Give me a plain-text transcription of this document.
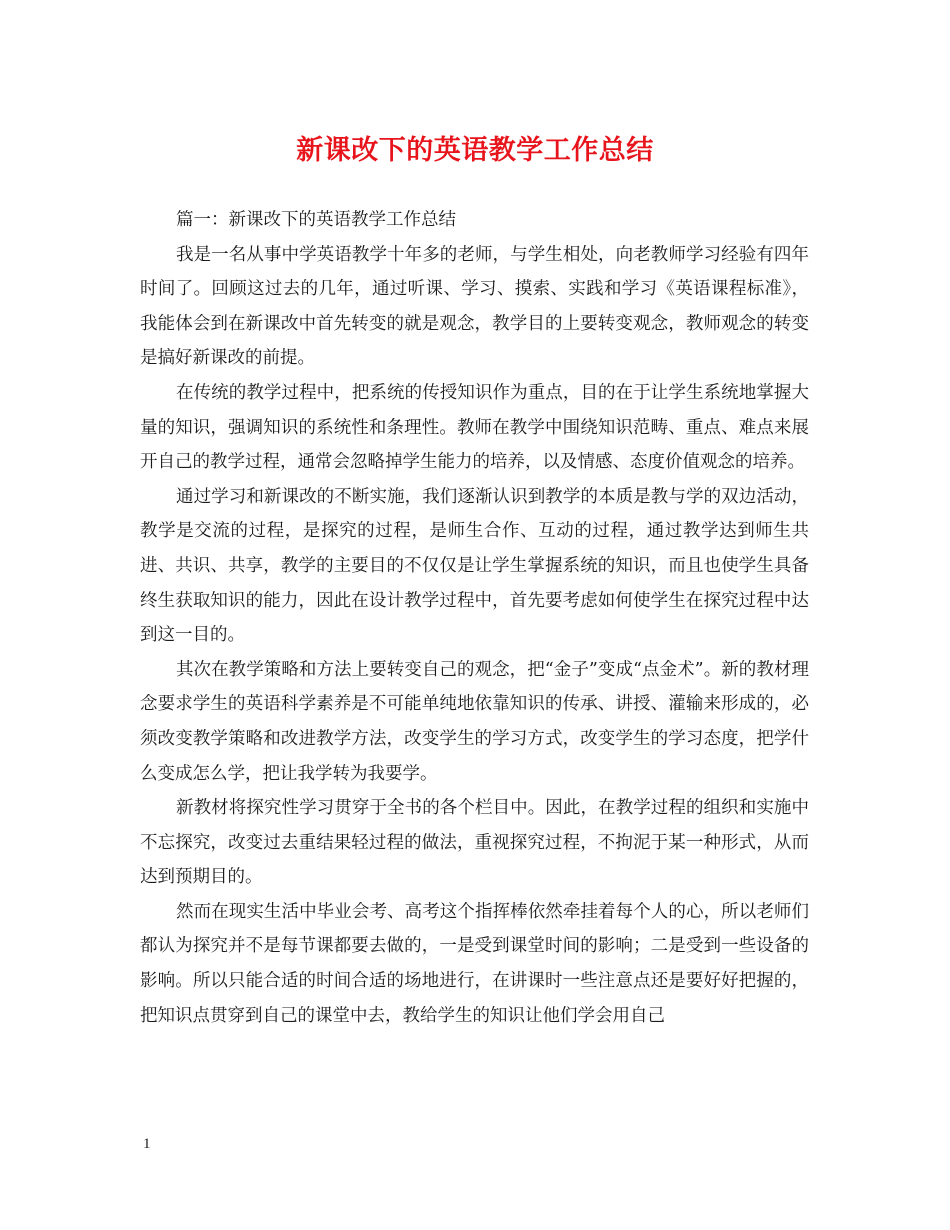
新课改下的英语教学工作总结

篇一：新课改下的英语教学工作总结

我是一名从事中学英语教学十年多的老师，与学生相处，向老教师学习经验有四年时间了。回顾这过去的几年，通过听课、学习、摸索、实践和学习《英语课程标准》，我能体会到在新课改中首先转变的就是观念，教学目的上要转变观念，教师观念的转变是搞好新课改的前提。

在传统的教学过程中，把系统的传授知识作为重点，目的在于让学生系统地掌握大量的知识，强调知识的系统性和条理性。教师在教学中围绕知识范畴、重点、难点来展开自己的教学过程，通常会忽略掉学生能力的培养，以及情感、态度价值观念的培养。

通过学习和新课改的不断实施，我们逐渐认识到教学的本质是教与学的双边活动，教学是交流的过程，是探究的过程，是师生合作、互动的过程，通过教学达到师生共进、共识、共享，教学的主要目的不仅仅是让学生掌握系统的知识，而且也使学生具备终生获取知识的能力，因此在设计教学过程中，首先要考虑如何使学生在探究过程中达到这一目的。

其次在教学策略和方法上要转变自己的观念，把“金子”变成“点金术”。新的教材理念要求学生的英语科学素养是不可能单纯地依靠知识的传承、讲授、灌输来形成的，必须改变教学策略和改进教学方法，改变学生的学习方式，改变学生的学习态度，把学什么变成怎么学，把让我学转为我要学。

新教材将探究性学习贯穿于全书的各个栏目中。因此，在教学过程的组织和实施中不忘探究，改变过去重结果轻过程的做法，重视探究过程，不拘泥于某一种形式，从而达到预期目的。

然而在现实生活中毕业会考、高考这个指挥棒依然牵挂着每个人的心，所以老师们都认为探究并不是每节课都要去做的，一是受到课堂时间的影响；二是受到一些设备的影响。所以只能合适的时间合适的场地进行，在讲课时一些注意点还是要好好把握的，把知识点贯穿到自己的课堂中去，教给学生的知识让他们学会用自己

1
